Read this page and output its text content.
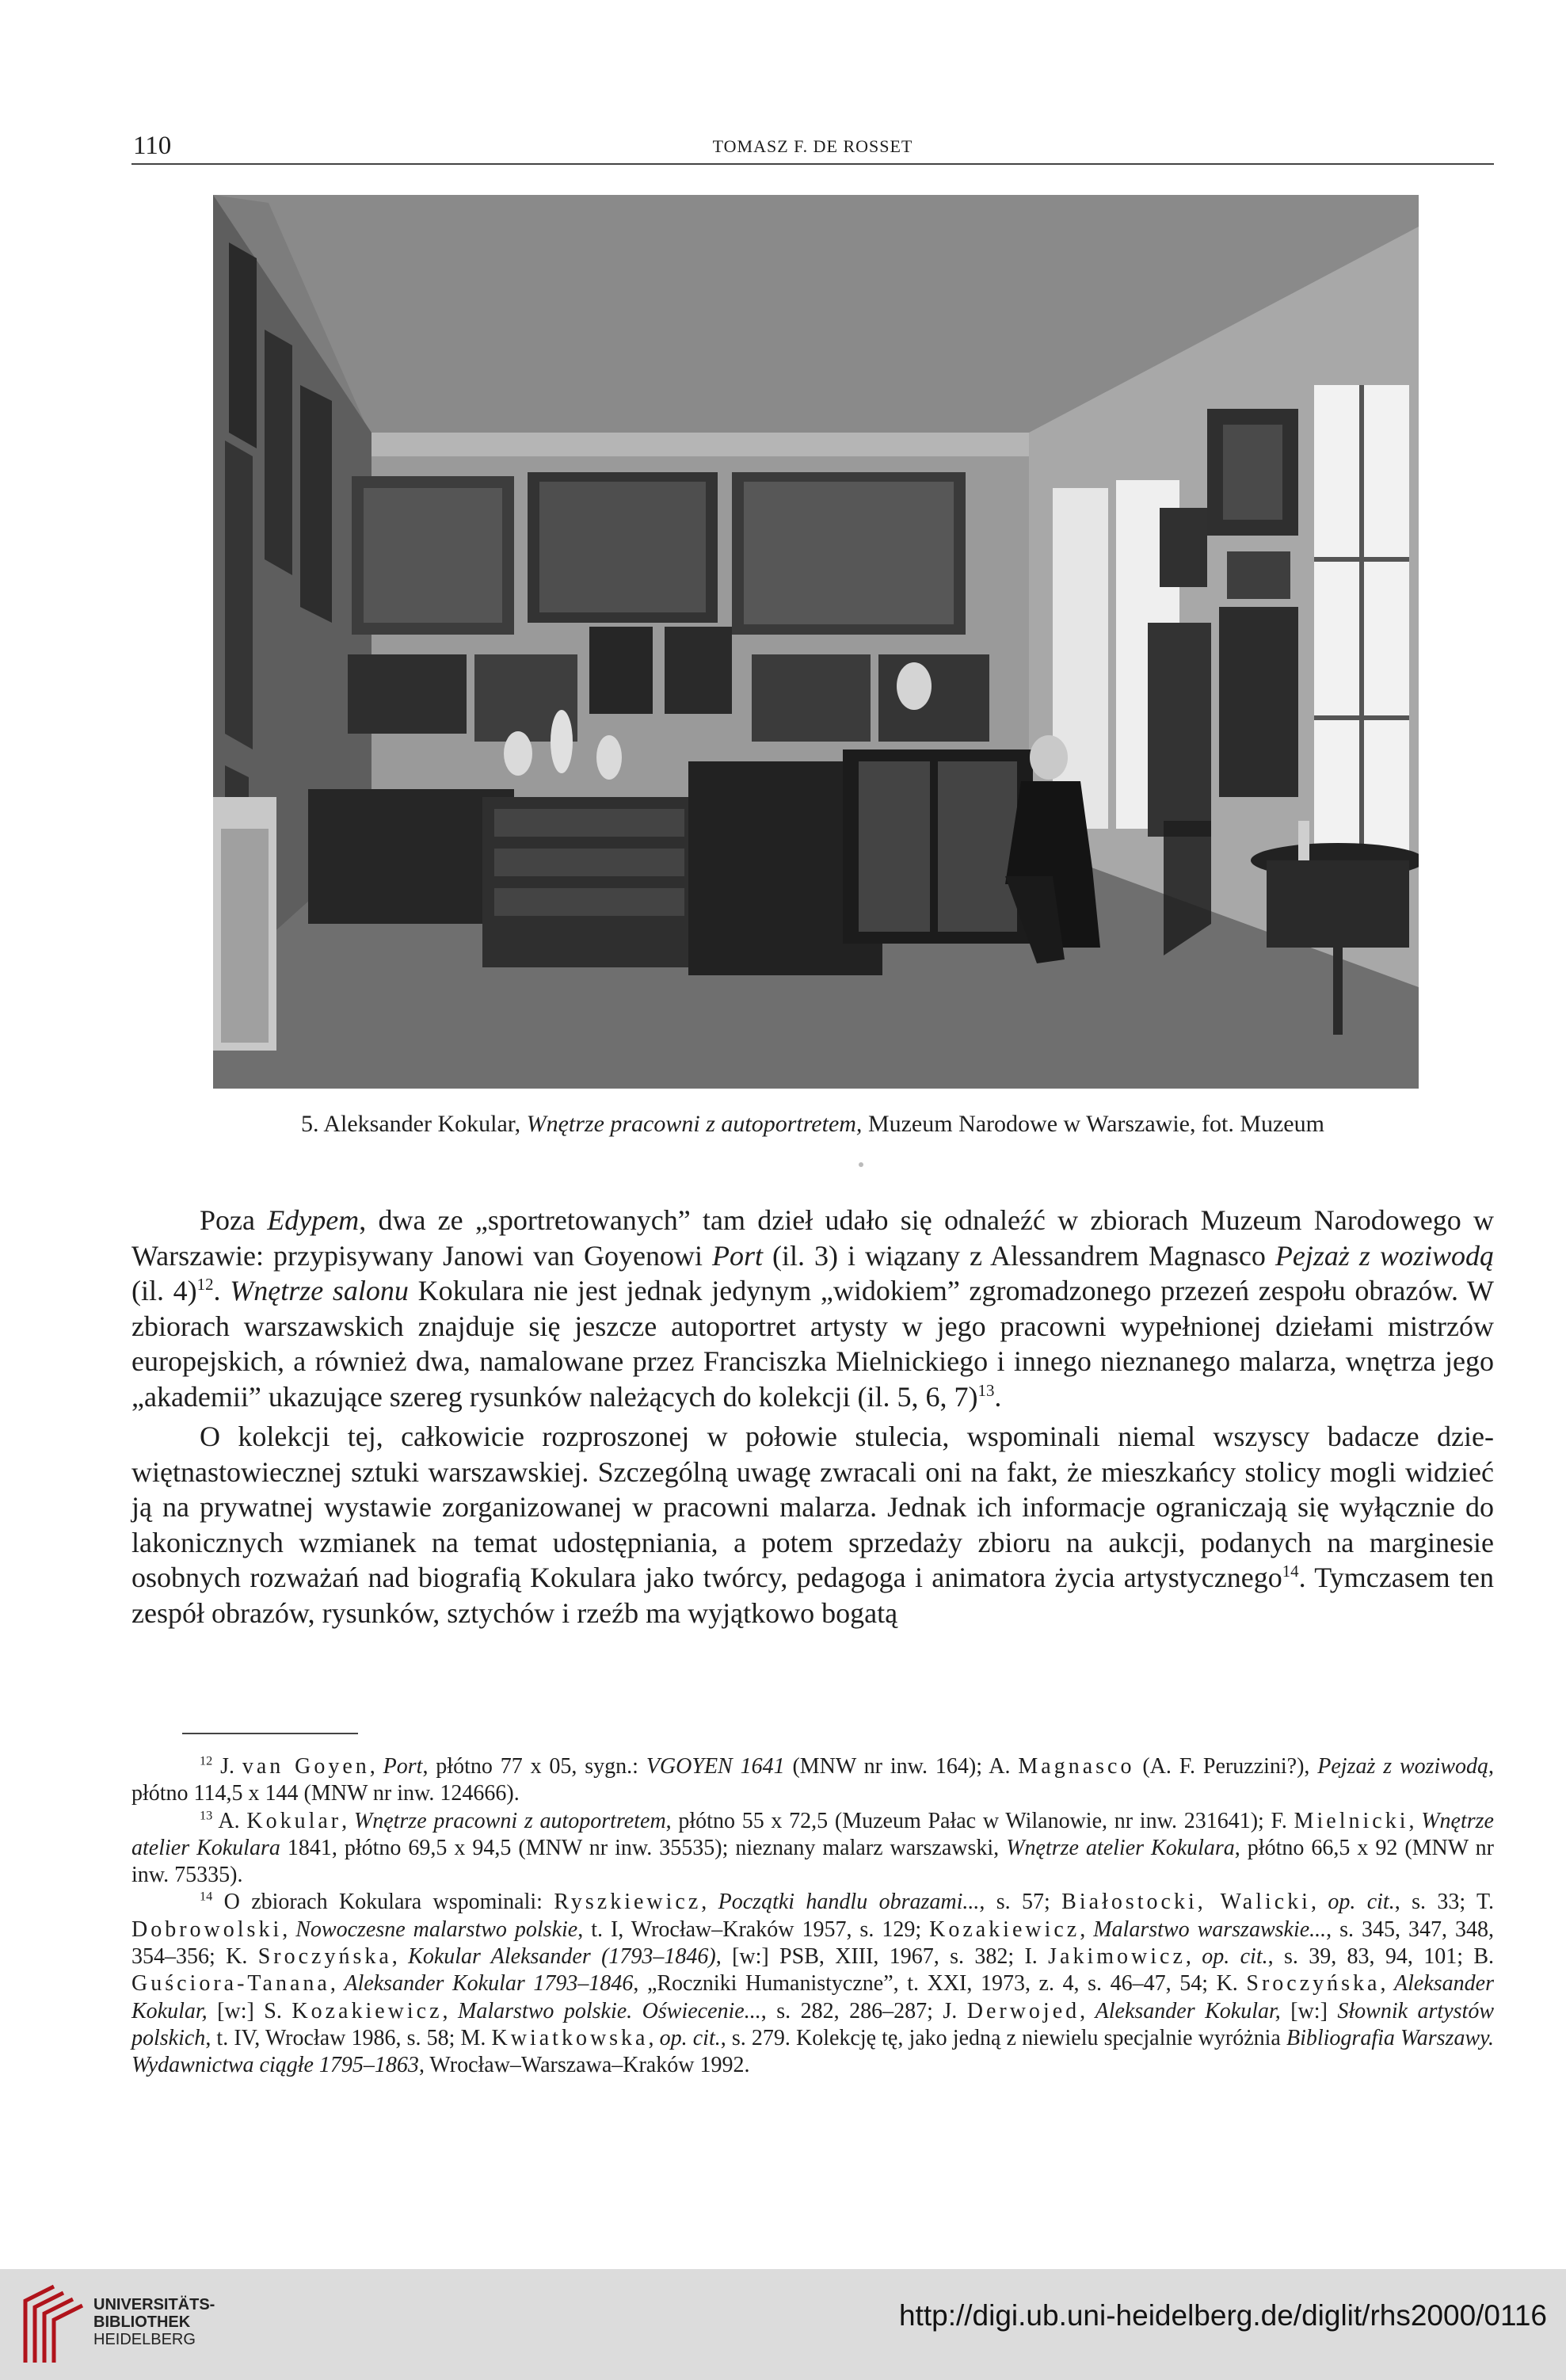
110	TOMASZ F. DE ROSSET
5. Aleksander Kokular, Wnętrze pracowni z autoportretem, Muzeum Narodowe w Warszawie, fot. Muzeum

Poza Edypem, dwa ze „sportretowanych” tam dzieł udało się odnaleźć w zbiorach Muzeum Narodowego w Warszawie: przypisywany Janowi van Goyenowi Port (il. 3) i wiązany z Alessandrem Magnasco Pejzaż z woziwodą (il. 4)$^{12}$. Wnętrze salonu Kokulara nie jest jednak jedynym „widokiem” zgromadzonego przezeń zespołu obrazów. W zbiorach warszawskich znajduje się jeszcze autoportret artysty w jego pracowni wypełnionej dziełami mistrzów europejskich, a również dwa, namalowane przez Franciszka Mielnickiego i innego nieznanego malarza, wnętrza jego „akademii” ukazujące szereg rysunków należących do kolekcji (il. 5, 6, 7)$^{13}$.

O kolekcji tej, całkowicie rozproszonej w połowie stulecia, wspominali niemal wszyscy badacze dziewiętnastowiecznej sztuki warszawskiej. Szczególną uwagę zwracali oni na fakt, że mieszkańcy stolicy mogli widzieć ją na prywatnej wystawie zorganizowanej w pracowni malarza. Jednak ich informacje ograniczają się wyłącznie do lakonicznych wzmianek na temat udostępniania, a potem sprzedaży zbioru na aukcji, podanych na marginesie osobnych rozważań nad biografią Kokulara jako twórcy, pedagoga i animatora życia artystycznego$^{14}$. Tymczasem ten zespół obrazów, rysunków, sztychów i rzeźb ma wyjątkowo bogatą

$^{12}$ J. van Goyen, Port, płótno 77 x 05, sygn.: VGOYEN 1641 (MNW nr inw. 164); A. Magnasco (A. F. Peruzzini?), Pejzaż z woziwodą, płótno 114,5 x 144 (MNW nr inw. 124666).

$^{13}$ A. Kokular, Wnętrze pracowni z autoportretem, płótno 55 x 72,5 (Muzeum Pałac w Wilanowie, nr inw. 231641); F. Mielnicki, Wnętrze atelier Kokulara 1841, płótno 69,5 x 94,5 (MNW nr inw. 35535); nieznany malarz warszawski, Wnętrze atelier Kokulara, płótno 66,5 x 92 (MNW nr inw. 75335).

$^{14}$ O zbiorach Kokulara wspominali: Ryszkiewicz, Początki handlu obrazami..., s. 57; Białostocki, Walicki, op. cit., s. 33; T. Dobrowolski, Nowoczesne malarstwo polskie, t. I, Wrocław–Kraków 1957, s. 129; Kozakiewicz, Malarstwo warszawskie..., s. 345, 347, 348, 354–356; K. Sroczyńska, Kokular Aleksander (1793–1846), [w:] PSB, XIII, 1967, s. 382; I. Jakimowicz, op. cit., s. 39, 83, 94, 101; B. Guściora-Tanana, Aleksander Kokular 1793–1846, „Roczniki Humanistyczne”, t. XXI, 1973, z. 4, s. 46–47, 54; K. Sroczyńska, Aleksander Kokular, [w:] S. Kozakiewicz, Malarstwo polskie. Oświecenie..., s. 282, 286–287; J. Derwojed, Aleksander Kokular, [w:] Słownik artystów polskich, t. IV, Wrocław 1986, s. 58; M. Kwiatkowska, op. cit., s. 279. Kolekcję tę, jako jedną z niewielu specjalnie wyróżnia Bibliografia Warszawy. Wydawnictwa ciągłe 1795–1863, Wrocław–Warszawa–Kraków 1992.

UNIVERSITÄTS-
BIBLIOTHEK
HEIDELBERG
http://digi.ub.uni-heidelberg.de/diglit/rhs2000/0116
